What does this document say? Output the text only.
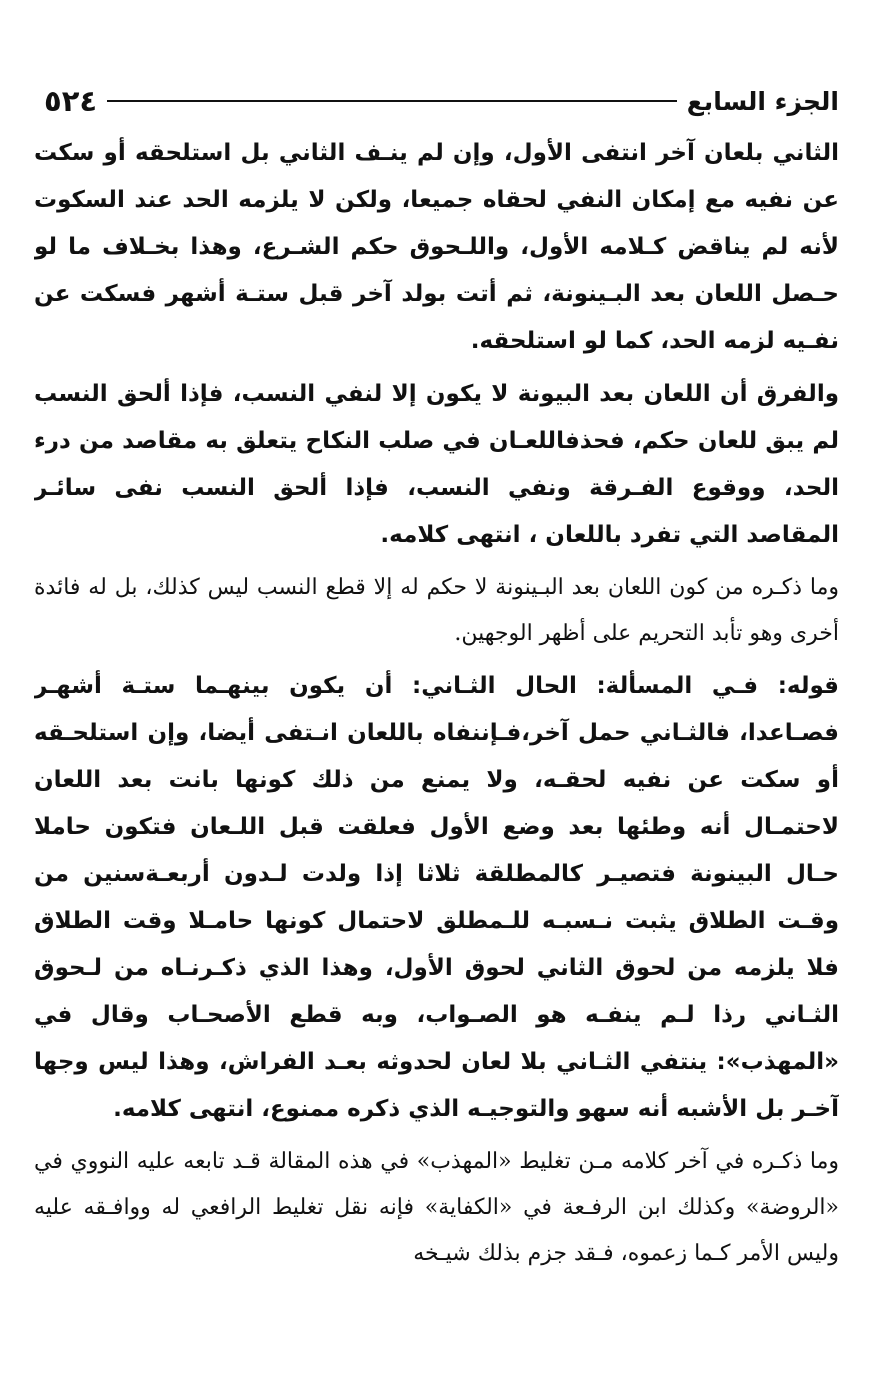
الجزء السابع
٥٢٤

الثاني بلعان آخر انتفى الأول، وإن لم ينـف الثاني بل استلحقه أو سكت عن نفيه مع إمكان النفي لحقاه جميعا، ولكن لا يلزمه الحد عند السكوت لأنه لم يناقض كـلامه الأول، واللـحوق حكم الشـرع، وهذا بخـلاف ما لو حـصل اللعان بعد البـينونة، ثم أتت بولد آخر قبل ستـة أشهر فسكت عن نفـيه لزمه الحد، كما لو استلحقه.

والفرق أن اللعان بعد البيونة لا يكون إلا لنفي النسب، فإذا ألحق النسب لم يبق للعان حكم، فحذفاللعـان في صلب النكاح يتعلق به مقاصد من درء الحد، ووقوع الفـرقة ونفي النسب، فإذا ألحق النسب نفى سائـر المقاصد التي تفرد باللعان ، انتهى كلامه.

وما ذكـره من كون اللعان بعد البـينونة لا حكم له إلا قطع النسب ليس كذلك، بل له فائدة أخرى وهو تأبد التحريم على أظهر الوجهين.

قوله: فـي المسألة: الحال الثـاني: أن يكون بينهـما ستـة أشهـر فصـاعدا، فالثـاني حمل آخر،فـإننفاه باللعان انـتفى أيضا، وإن استلحـقه أو سكت عن نفيه لحقـه، ولا يمنع من ذلك كونها بانت بعد اللعان لاحتمـال أنه وطئها بعد وضع الأول فعلقت قبل اللـعان فتكون حاملا حـال البينونة فتصيـر كالمطلقة ثلاثا إذا ولدت لـدون أربعـةسنين من وقـت الطلاق يثبت نـسبـه للـمطلق لاحتمال كونها حامـلا وقت الطلاق فلا يلزمه من لحوق الثاني لحوق الأول، وهذا الذي ذكـرنـاه من لـحوق الثـاني رذا لـم ينفـه هو الصـواب، وبه قطع الأصحـاب وقال في «المهذب»: ينتفي الثـاني بلا لعان لحدوثه بعـد الفراش، وهذا ليس وجها آخـر بل الأشبه أنه سهو والتوجيـه الذي ذكره ممنوع، انتهى كلامه.

وما ذكـره في آخر كلامه مـن تغليط «المهذب» في هذه المقالة قـد تابعه عليه النووي في «الروضة» وكذلك ابن الرفـعة في «الكفاية» فإنه نقل تغليط الرافعي له ووافـقه عليه وليس الأمر كـما زعموه، فـقد جزم بذلك شيـخه
